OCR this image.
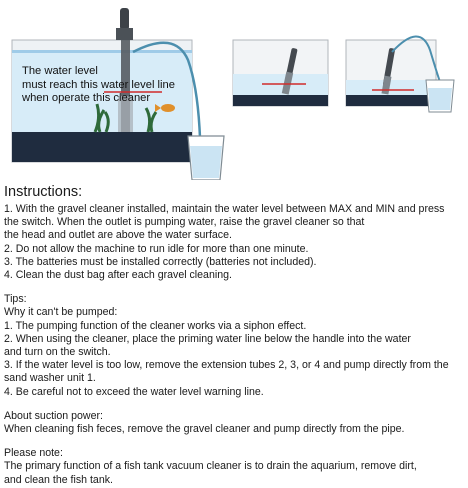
The water level
must reach this water level line
when operate this cleaner
Instructions:

1. With the gravel cleaner installed, maintain the water level between MAX and MIN and press
the switch. When the outlet is pumping water, raise the gravel cleaner so that
the head and outlet are above the water surface.

2. Do not allow the machine to run idle for more than one minute.

3. The batteries must be installed correctly (batteries not included).

4. Clean the dust bag after each gravel cleaning.

Tips:

Why it can't be pumped:

1. The pumping function of the cleaner works via a siphon effect.

2. When using the cleaner, place the priming water line below the handle into the water
and turn on the switch.

3. If the water level is too low, remove the extension tubes 2, 3, or 4 and pump directly from the
sand washer unit 1.

4. Be careful not to exceed the water level warning line.

About suction power:

When cleaning fish feces, remove the gravel cleaner and pump directly from the pipe.

Please note:

The primary function of a fish tank vacuum cleaner is to drain the aquarium, remove dirt,
and clean the fish tank.
